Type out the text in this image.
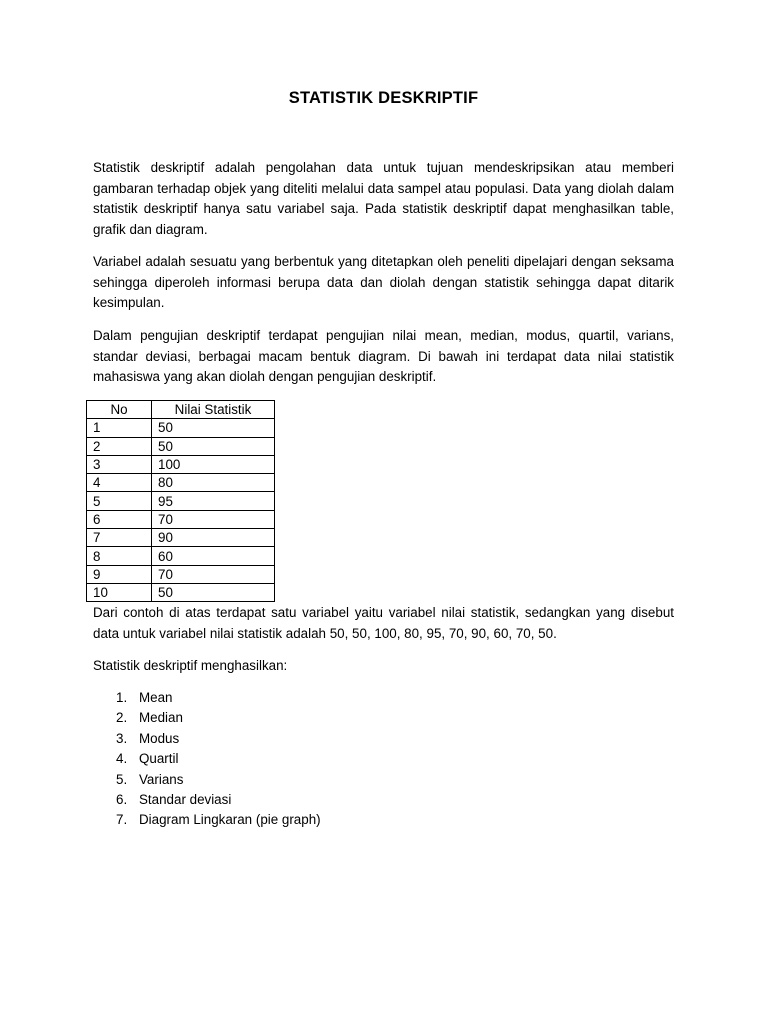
STATISTIK DESKRIPTIF

Statistik deskriptif adalah pengolahan data untuk tujuan mendeskripsikan atau memberi gambaran terhadap objek yang diteliti melalui data sampel atau populasi. Data yang diolah dalam statistik deskriptif hanya satu variabel saja. Pada statistik deskriptif dapat menghasilkan table, grafik dan diagram.

Variabel adalah sesuatu yang berbentuk yang ditetapkan oleh peneliti dipelajari dengan seksama sehingga diperoleh informasi berupa data dan diolah dengan statistik sehingga dapat ditarik kesimpulan.

Dalam pengujian deskriptif terdapat pengujian nilai mean, median, modus, quartil, varians, standar deviasi, berbagai macam bentuk diagram. Di bawah ini terdapat data nilai statistik mahasiswa yang akan diolah dengan pengujian deskriptif.

No	Nilai Statistik
1	50
2	50
3	100
4	80
5	95
6	70
7	90
8	60
9	70
10	50

Dari contoh di atas terdapat satu variabel yaitu variabel nilai statistik, sedangkan yang disebut data untuk variabel nilai statistik adalah 50, 50, 100, 80, 95, 70, 90, 60, 70, 50.

Statistik deskriptif menghasilkan:

1. Mean
2. Median
3. Modus
4. Quartil
5. Varians
6. Standar deviasi
7. Diagram Lingkaran (pie graph)
